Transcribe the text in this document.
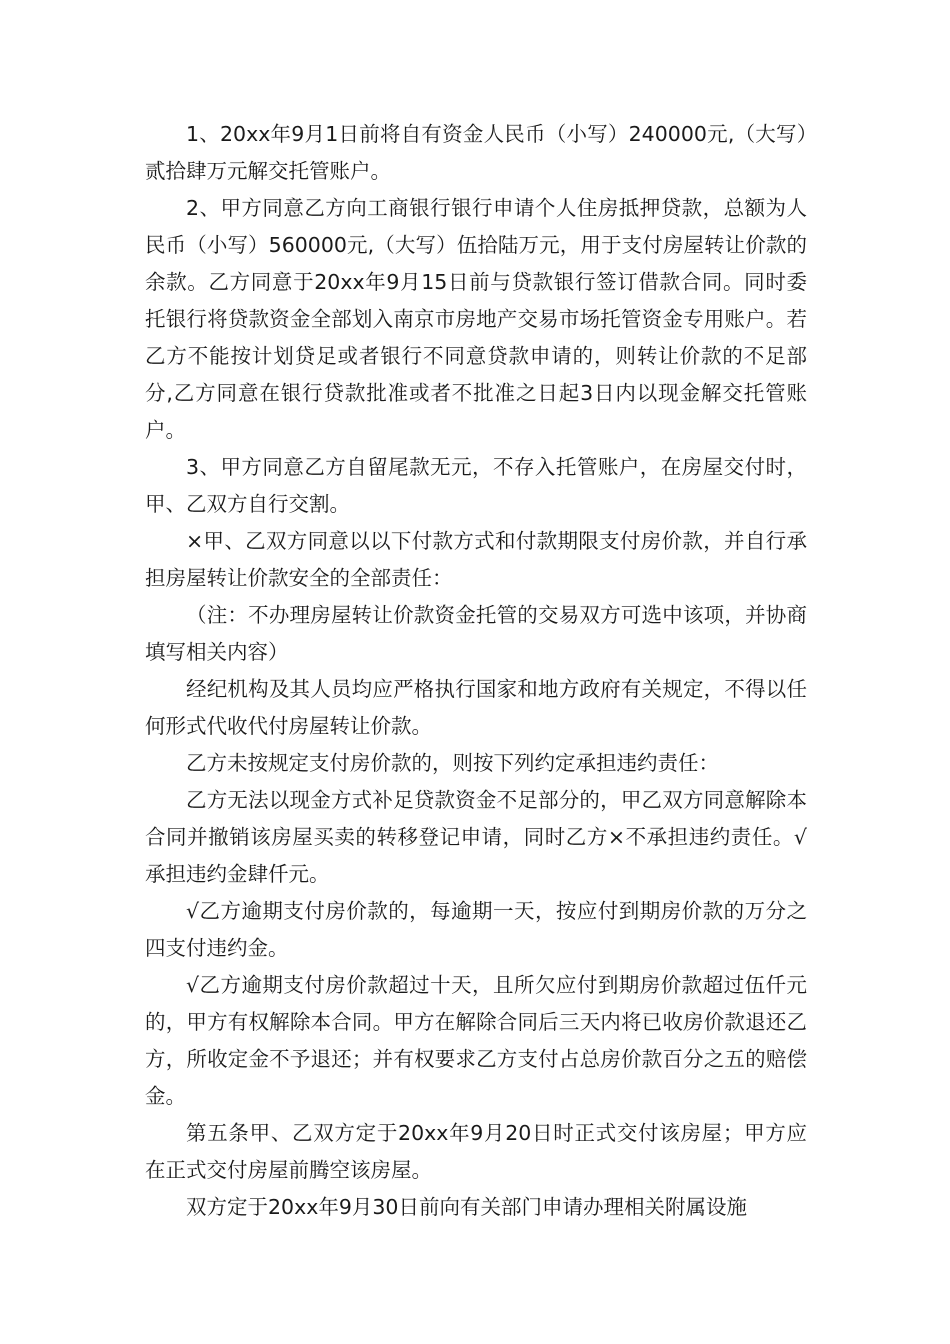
1、20xx年9月1日前将自有资金人民币（小写）240000元,（大写）贰拾肆万元解交托管账户。

2、甲方同意乙方向工商银行银行申请个人住房抵押贷款，总额为人民币（小写）560000元,（大写）伍拾陆万元，用于支付房屋转让价款的余款。乙方同意于20xx年9月15日前与贷款银行签订借款合同。同时委托银行将贷款资金全部划入南京市房地产交易市场托管资金专用账户。若乙方不能按计划贷足或者银行不同意贷款申请的，则转让价款的不足部分,乙方同意在银行贷款批准或者不批准之日起3日内以现金解交托管账户。

3、甲方同意乙方自留尾款无元，不存入托管账户，在房屋交付时，甲、乙双方自行交割。

×甲、乙双方同意以以下付款方式和付款期限支付房价款，并自行承担房屋转让价款安全的全部责任：

（注：不办理房屋转让价款资金托管的交易双方可选中该项，并协商填写相关内容）

经纪机构及其人员均应严格执行国家和地方政府有关规定，不得以任何形式代收代付房屋转让价款。

乙方未按规定支付房价款的，则按下列约定承担违约责任：

乙方无法以现金方式补足贷款资金不足部分的，甲乙双方同意解除本合同并撤销该房屋买卖的转移登记申请，同时乙方×不承担违约责任。√承担违约金肆仟元。

√乙方逾期支付房价款的，每逾期一天，按应付到期房价款的万分之四支付违约金。

√乙方逾期支付房价款超过十天，且所欠应付到期房价款超过伍仟元的，甲方有权解除本合同。甲方在解除合同后三天内将已收房价款退还乙方，所收定金不予退还；并有权要求乙方支付占总房价款百分之五的赔偿金。

第五条甲、乙双方定于20xx年9月20日时正式交付该房屋；甲方应在正式交付房屋前腾空该房屋。

双方定于20xx年9月30日前向有关部门申请办理相关附属设施
